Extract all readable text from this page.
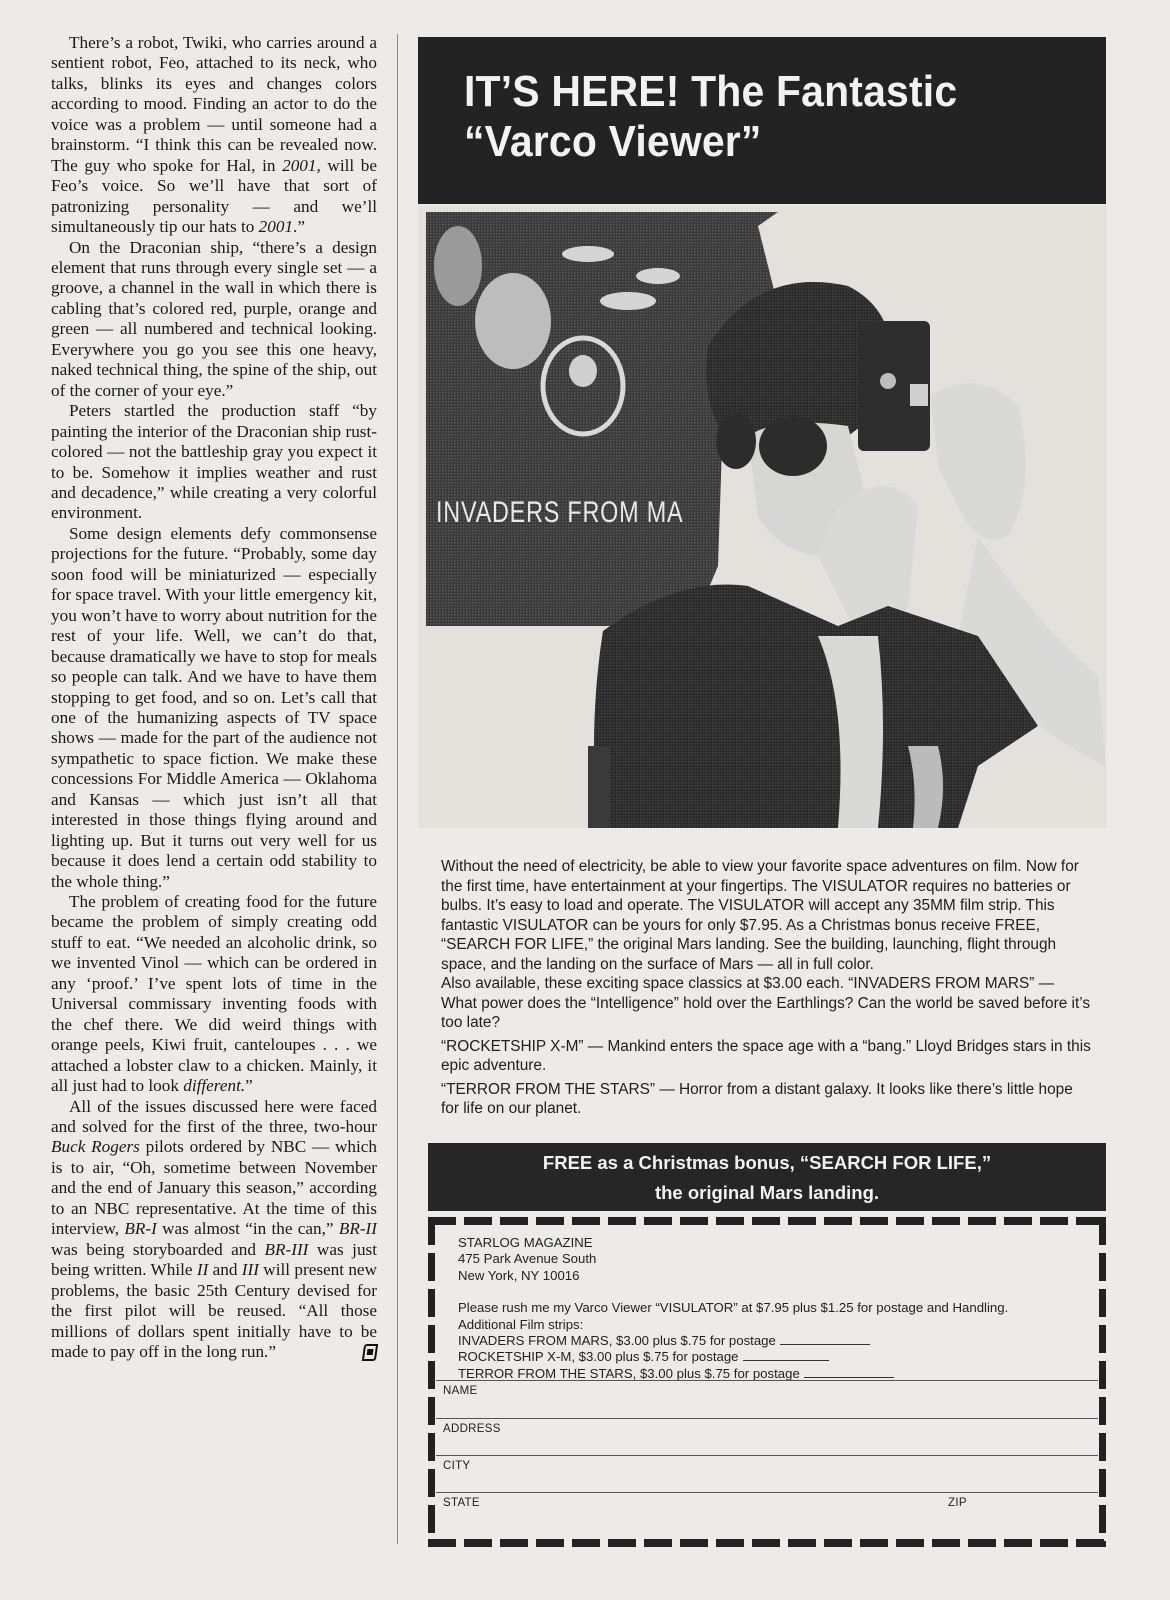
There’s a robot, Twiki, who carries around a sentient robot, Feo, attached to its neck, who talks, blinks its eyes and changes colors according to mood. Finding an actor to do the voice was a problem — until someone had a brainstorm. “I think this can be revealed now. The guy who spoke for Hal, in 2001, will be Feo’s voice. So we’ll have that sort of patronizing personality — and we’ll simultaneously tip our hats to 2001.”

On the Draconian ship, “there’s a design element that runs through every single set — a groove, a channel in the wall in which there is cabling that’s colored red, purple, orange and green — all numbered and technical looking. Everywhere you go you see this one heavy, naked technical thing, the spine of the ship, out of the corner of your eye.”

Peters startled the production staff “by painting the interior of the Draconian ship rust-colored — not the battleship gray you expect it to be. Somehow it implies weather and rust and decadence,” while creating a very colorful environment.

Some design elements defy commonsense projections for the future. “Probably, some day soon food will be miniaturized — especially for space travel. With your little emergency kit, you won’t have to worry about nutrition for the rest of your life. Well, we can’t do that, because dramatically we have to stop for meals so people can talk. And we have to have them stopping to get food, and so on. Let’s call that one of the humanizing aspects of TV space shows — made for the part of the audience not sympathetic to space fiction. We make these concessions For Middle America — Oklahoma and Kansas — which just isn’t all that interested in those things flying around and lighting up. But it turns out very well for us because it does lend a certain odd stability to the whole thing.”

The problem of creating food for the future became the problem of simply creating odd stuff to eat. “We needed an alcoholic drink, so we invented Vinol — which can be ordered in any ‘proof.’ I’ve spent lots of time in the Universal commissary inventing foods with the chef there. We did weird things with orange peels, Kiwi fruit, canteloupes . . . we attached a lobster claw to a chicken. Mainly, it all just had to look different.”

All of the issues discussed here were faced and solved for the first of the three, two-hour Buck Rogers pilots ordered by NBC — which is to air, “Oh, sometime between November and the end of January this season,” according to an NBC representative. At the time of this interview, BR-I was almost “in the can,” BR-II was being storyboarded and BR-III was just being written. While II and III will present new problems, the basic 25th Century devised for the first pilot will be reused. “All those millions of dollars spent initially have to be made to pay off in the long run.”

IT’S HERE! The Fantastic
“Varco Viewer”
INVADERS FROM MA

Without the need of electricity, be able to view your favorite space adventures on film. Now for the first time, have entertainment at your fingertips. The VISULATOR requires no batteries or bulbs. It’s easy to load and operate. The VISULATOR will accept any 35MM film strip. This fantastic VISULATOR can be yours for only $7.95. As a Christmas bonus receive FREE, “SEARCH FOR LIFE,” the original Mars landing. See the building, launching, flight through space, and the landing on the surface of Mars — all in full color.

Also available, these exciting space classics at $3.00 each. “INVADERS FROM MARS” — What power does the “Intelligence” hold over the Earthlings? Can the world be saved before it’s too late?

“ROCKETSHIP X-M” — Mankind enters the space age with a “bang.” Lloyd Bridges stars in this epic adventure.

“TERROR FROM THE STARS” — Horror from a distant galaxy. It looks like there’s little hope for life on our planet.

FREE as a Christmas bonus, “SEARCH FOR LIFE,”
the original Mars landing.
STARLOG MAGAZINE
475 Park Avenue South
New York, NY 10016
Please rush me my Varco Viewer “VISULATOR” at $7.95 plus $1.25 for postage and Handling.
Additional Film strips:
INVADERS FROM MARS, $3.00 plus $.75 for postage
ROCKETSHIP X-M, $3.00 plus $.75 for postage
TERROR FROM THE STARS, $3.00 plus $.75 for postage
NAME
ADDRESS
CITY
STATE	ZIP
